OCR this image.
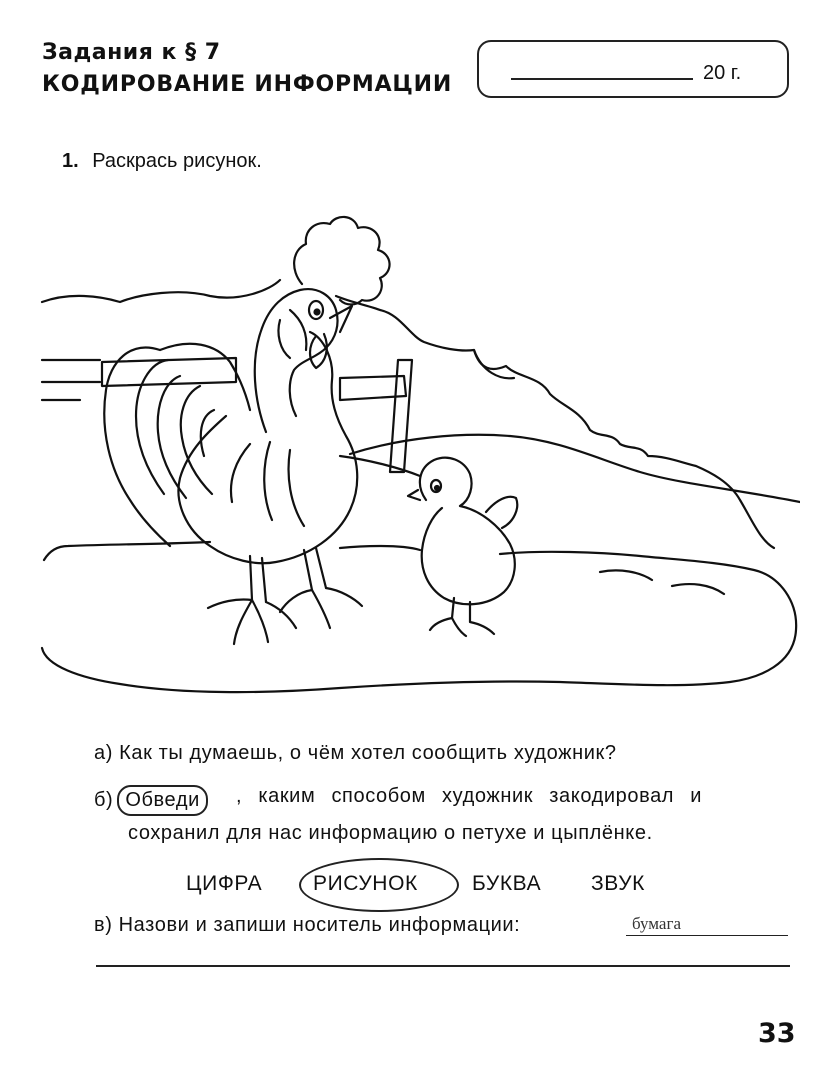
Задания к § 7
КОДИРОВАНИЕ ИНФОРМАЦИИ	20 г.
1. Раскрась рисунок.
а) Как ты думаешь, о чём хотел сообщить художник?
б) Обведи	, каким способом художник закодировал и
сохранил для нас информацию о петухе и цыплёнке.
ЦИФРА РИСУНОК	БУКВА ЗВУК
в) Назови и запиши носитель информации:	бумага
33
